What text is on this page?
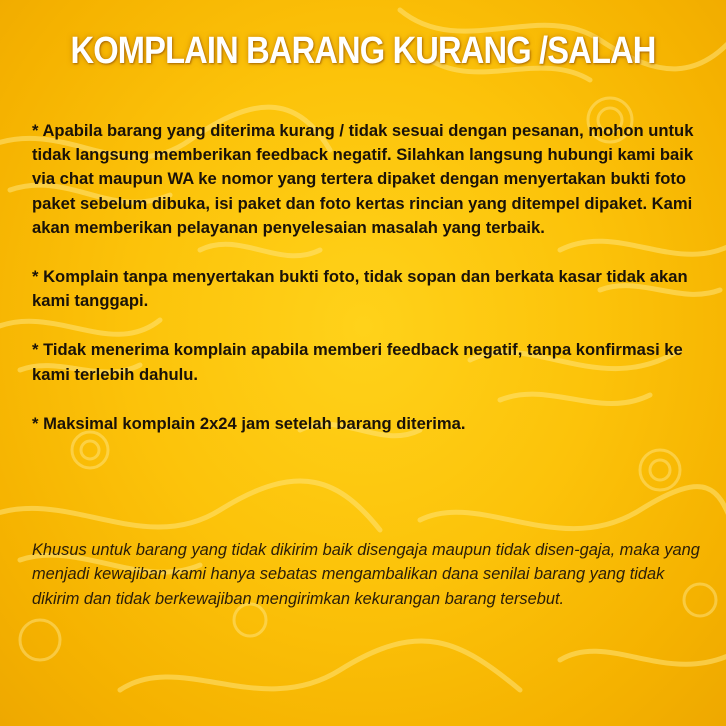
KOMPLAIN BARANG KURANG /SALAH

* Apabila barang yang diterima kurang / tidak sesuai dengan pesanan, mohon untuk tidak langsung memberikan feedback negatif. Silahkan langsung hubungi kami baik via chat maupun WA ke nomor yang tertera dipaket dengan menyertakan bukti foto paket sebelum dibuka, isi paket dan foto kertas rincian yang ditempel dipaket. Kami akan memberikan pelayanan penyelesaian masalah yang terbaik.

* Komplain tanpa menyertakan bukti foto, tidak sopan dan berkata kasar tidak akan kami tanggapi.

* Tidak menerima komplain apabila memberi feedback negatif, tanpa konfirmasi ke kami terlebih dahulu.

* Maksimal komplain 2x24 jam setelah barang diterima.

Khusus untuk barang yang tidak dikirim baik disengaja maupun tidak disen-gaja, maka yang menjadi kewajiban kami hanya sebatas mengambalikan dana senilai barang yang tidak dikirim dan tidak berkewajiban mengirimkan kekurangan barang tersebut.
